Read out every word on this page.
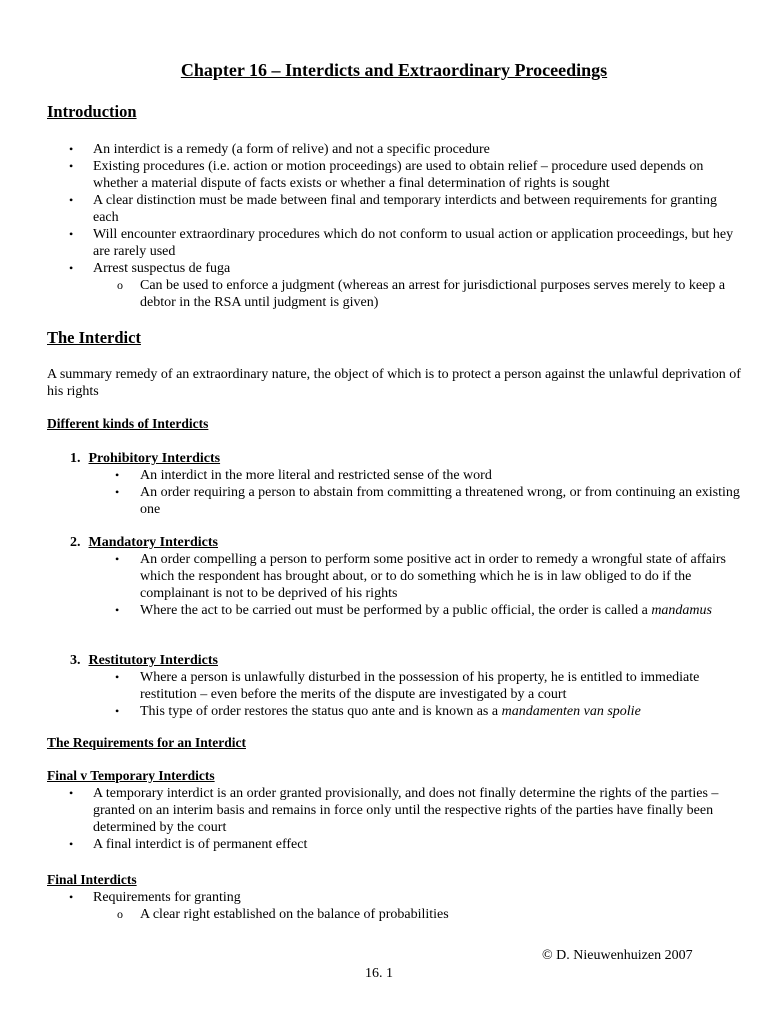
Chapter 16 – Interdicts and Extraordinary Proceedings
Introduction
• An interdict is a remedy (a form of relive) and not a specific procedure
• Existing procedures (i.e. action or motion proceedings) are used to obtain relief – procedure used depends on whether a material dispute of facts exists or whether a final determination of rights is sought
• A clear distinction must be made between final and temporary interdicts and between requirements for granting each
• Will encounter extraordinary procedures which do not conform to usual action or application proceedings, but hey are rarely used
• Arrest suspectus de fuga
o Can be used to enforce a judgment (whereas an arrest for jurisdictional purposes serves merely to keep a debtor in the RSA until judgment is given)
The Interdict
A summary remedy of an extraordinary nature, the object of which is to protect a person against the unlawful deprivation of his rights
Different kinds of Interdicts
1. Prohibitory Interdicts
• An interdict in the more literal and restricted sense of the word
• An order requiring a person to abstain from committing a threatened wrong, or from continuing an existing one
2. Mandatory Interdicts
• An order compelling a person to perform some positive act in order to remedy a wrongful state of affairs which the respondent has brought about, or to do something which he is in law obliged to do if the complainant is not to be deprived of his rights
• Where the act to be carried out must be performed by a public official, the order is called a mandamus
3. Restitutory Interdicts
• Where a person is unlawfully disturbed in the possession of his property, he is entitled to immediate restitution – even before the merits of the dispute are investigated by a court
• This type of order restores the status quo ante and is known as a mandamenten van spolie
The Requirements for an Interdict
Final v Temporary Interdicts
• A temporary interdict is an order granted provisionally, and does not finally determine the rights of the parties – granted on an interim basis and remains in force only until the respective rights of the parties have finally been determined by the court
• A final interdict is of permanent effect
Final Interdicts
• Requirements for granting
o A clear right established on the balance of probabilities
© D. Nieuwenhuizen 2007
16. 1
